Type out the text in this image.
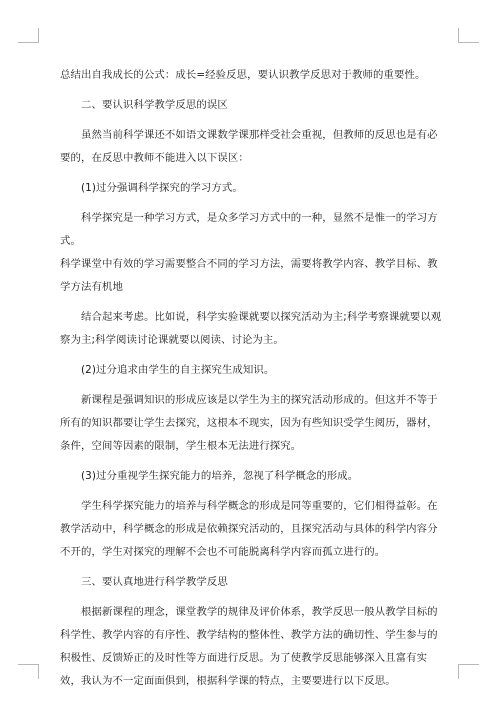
总结出自我成长的公式：成长=经验反思，要认识教学反思对于教师的重要性。

二、要认识科学教学反思的误区

虽然当前科学课还不如语文课数学课那样受社会重视，但教师的反思也是有必要的，在反思中教师不能进入以下误区：

(1)过分强调科学探究的学习方式。

科学探究是一种学习方式，是众多学习方式中的一种，显然不是惟一的学习方式。

科学课堂中有效的学习需要整合不同的学习方法，需要将教学内容、教学目标、教学方法有机地

结合起来考虑。比如说，科学实验课就要以探究活动为主;科学考察课就要以观察为主;科学阅读讨论课就要以阅读、讨论为主。

(2)过分追求由学生的自主探究生成知识。

新课程是强调知识的形成应该是以学生为主的探究活动形成的。但这并不等于所有的知识都要让学生去探究，这根本不现实，因为有些知识受学生阅历，器材，条件，空间等因素的限制，学生根本无法进行探究。

(3)过分重视学生探究能力的培养，忽视了科学概念的形成。

学生科学探究能力的培养与科学概念的形成是同等重要的，它们相得益彰。在教学活动中，科学概念的形成是依赖探究活动的，且探究活动与具体的科学内容分不开的，学生对探究的理解不会也不可能脱离科学内容而孤立进行的。

三、要认真地进行科学教学反思

根据新课程的理念，课堂教学的规律及评价体系，教学反思一般从教学目标的科学性、教学内容的有序性、教学结构的整体性、教学方法的确切性、学生参与的积极性、反馈矫正的及时性等方面进行反思。为了使教学反思能够深入且富有实效，我认为不一定面面俱到，根据科学课的特点，主要要进行以下反思。
